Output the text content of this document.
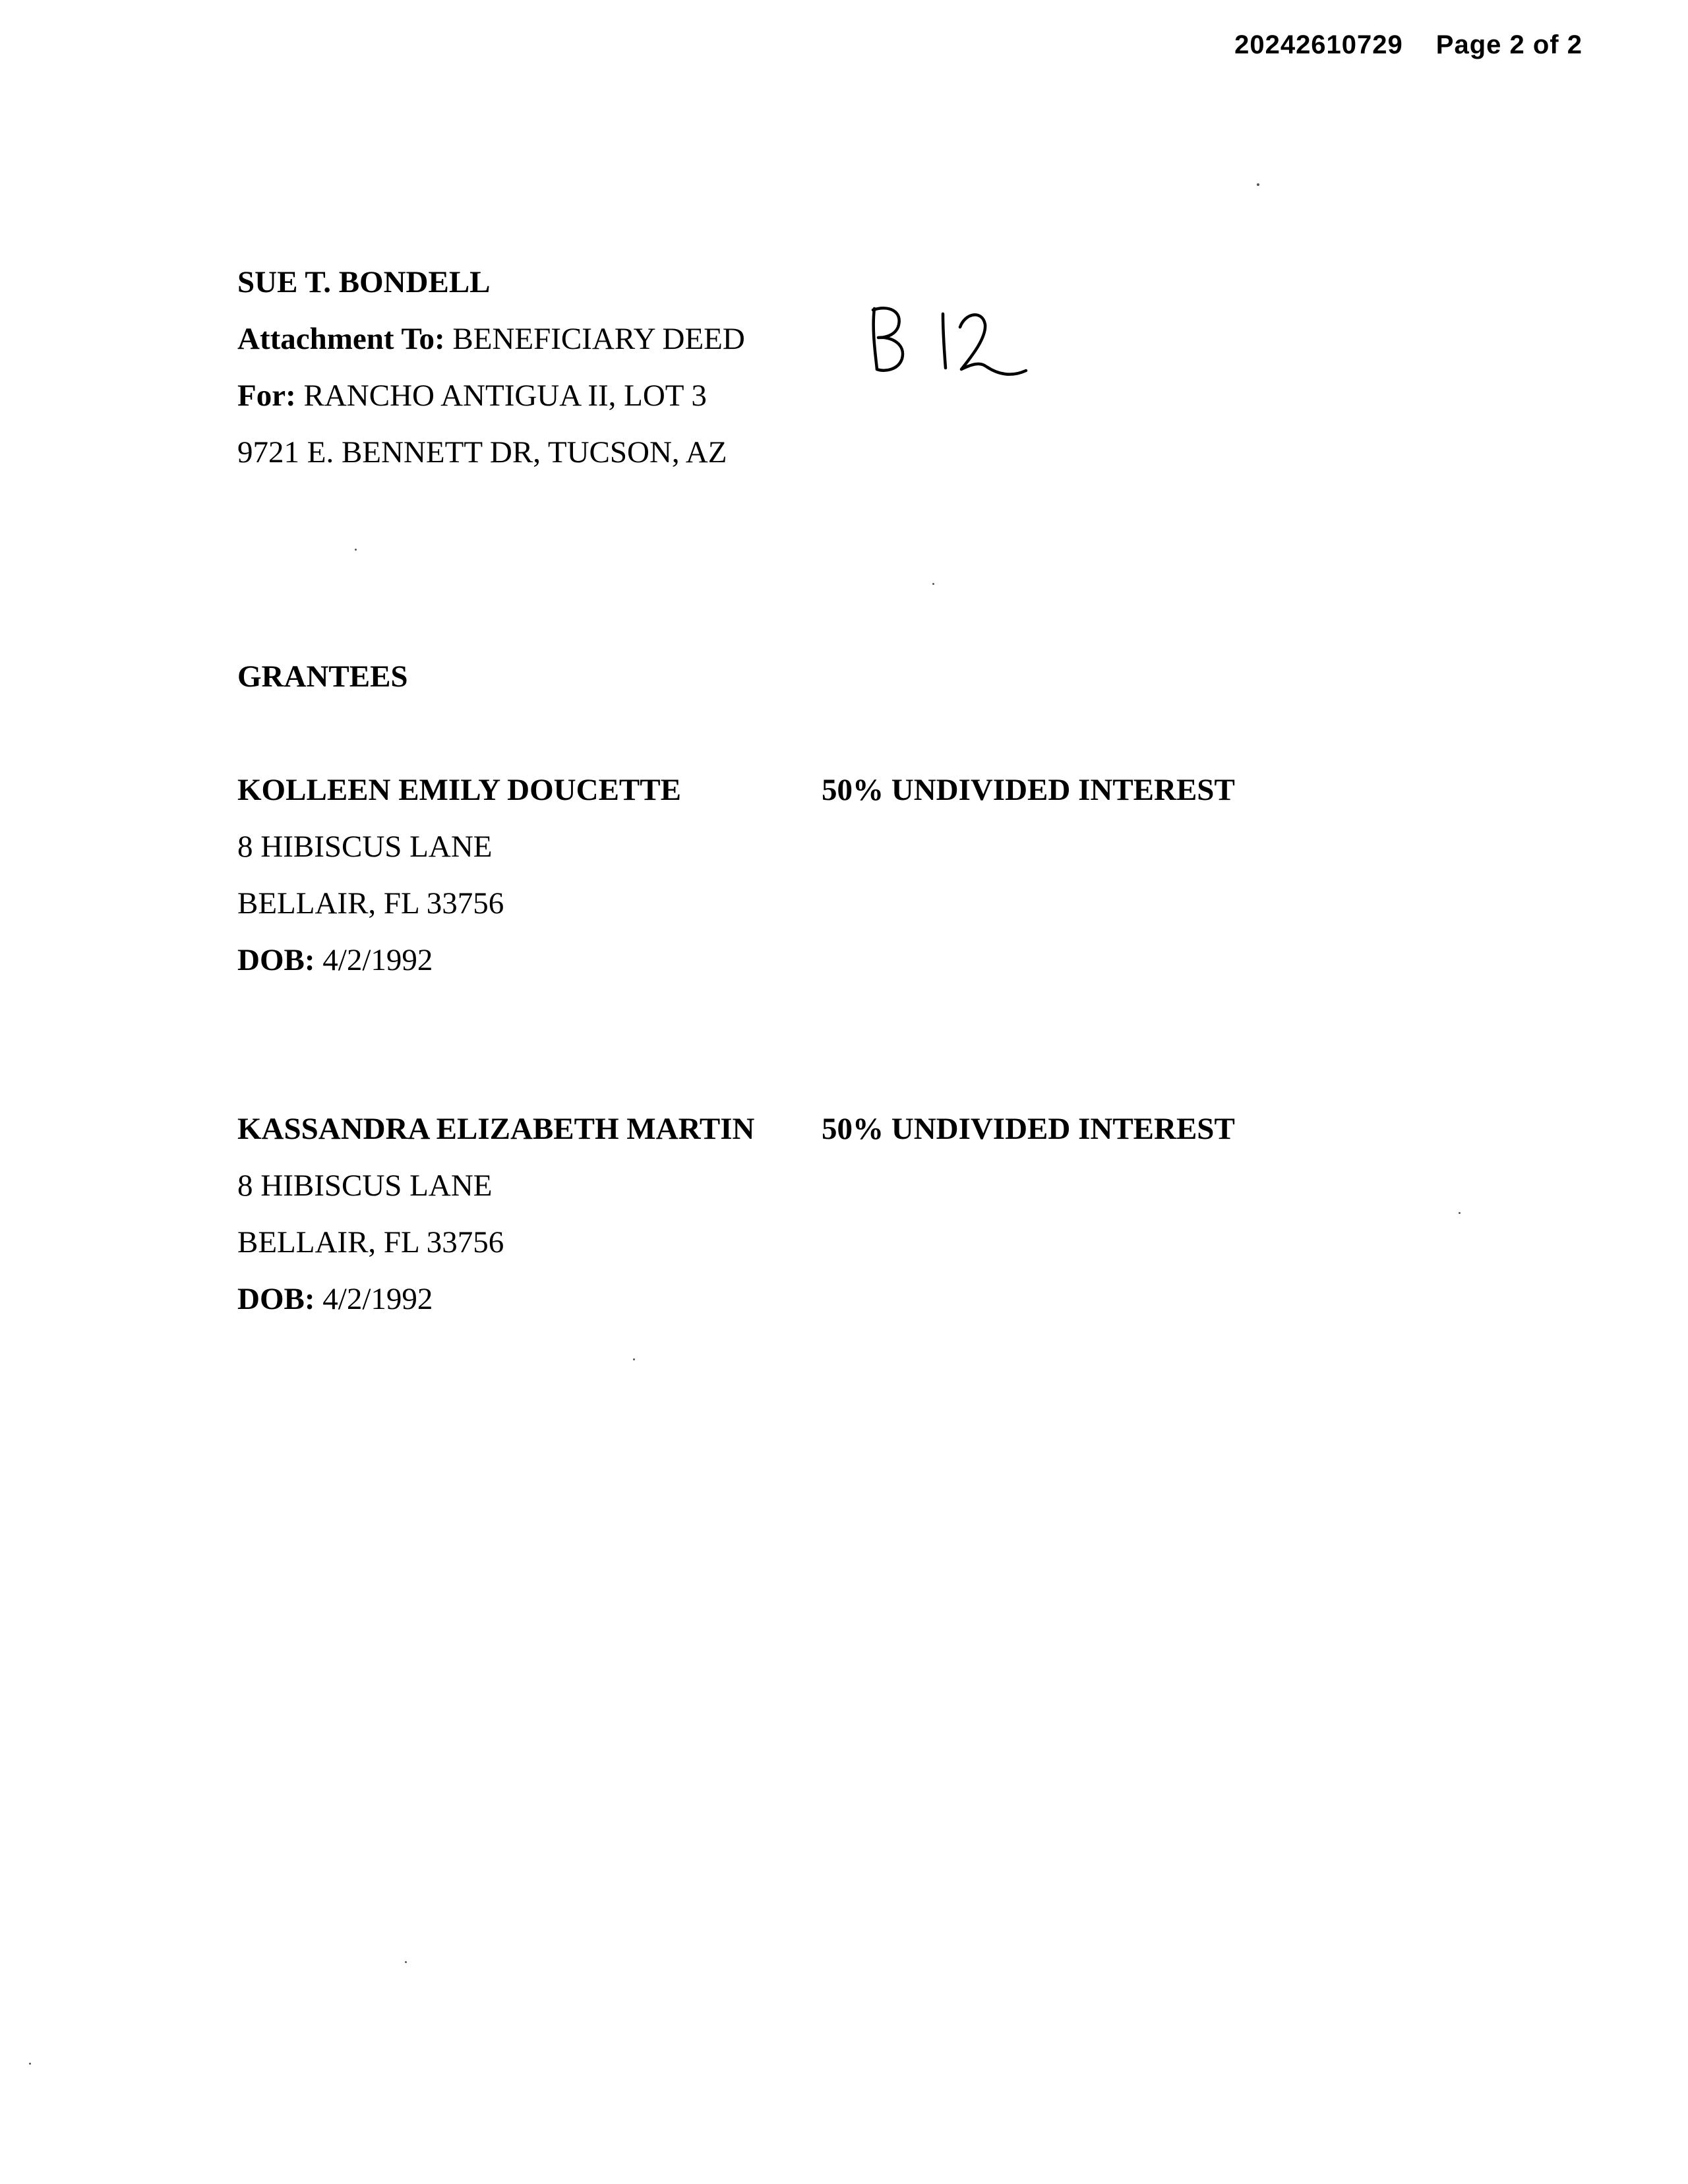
20242610729 Page 2 of 2
SUE T. BONDELL
Attachment To: BENEFICIARY DEED
For: RANCHO ANTIGUA II, LOT 3
9721 E. BENNETT DR, TUCSON, AZ
GRANTEES
KOLLEEN EMILY DOUCETTE	50% UNDIVIDED INTEREST
8 HIBISCUS LANE
BELLAIR, FL 33756
DOB: 4/2/1992
KASSANDRA ELIZABETH MARTIN 50% UNDIVIDED INTEREST
8 HIBISCUS LANE
BELLAIR, FL 33756
DOB: 4/2/1992
